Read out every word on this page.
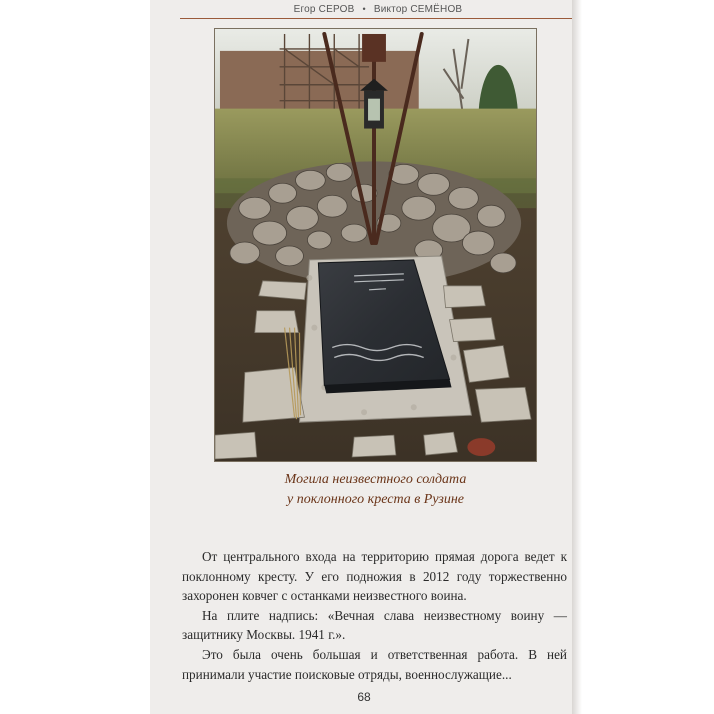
Егор СЕРОВ • Виктор СЕМЁНОВ
Могила неизвестного солдата
у поклонного креста в Рузине

От центрального входа на территорию прямая дорога ведет к поклонному кресту. У его подножия в 2012 году торжественно захоронен ковчег с останками неизвестного воина.

На плите надпись: «Вечная слава неизвестному воину — защитнику Москвы. 1941 г.».

Это была очень большая и ответственная работа. В ней принимали участие поисковые отряды, военнослужащие...

68
